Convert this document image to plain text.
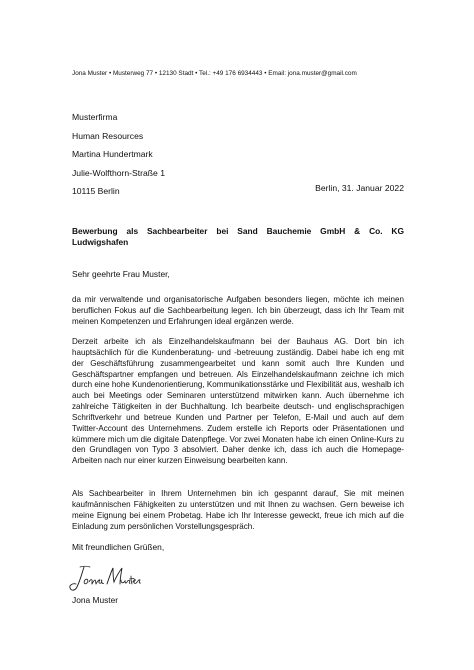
Jona Muster • Musterweg 77 • 12130 Stadt • Tel.: +49 176 6934443 • Email: jona.muster@gmail.com
Musterfirma
Human Resources
Martina Hundertmark
Julie-Wolfthorn-Straße 1
10115 Berlin	Berlin, 31. Januar 2022
Bewerbung als Sachbearbeiter bei Sand Bauchemie GmbH & Co. KG Ludwigshafen
Sehr geehrte Frau Muster,
da mir verwaltende und organisatorische Aufgaben besonders liegen, möchte ich meinen beruflichen Fokus auf die Sachbearbeitung legen. Ich bin überzeugt, dass ich Ihr Team mit meinen Kompetenzen und Erfahrungen ideal ergänzen werde.
Derzeit arbeite ich als Einzelhandelskaufmann bei der Bauhaus AG. Dort bin ich hauptsächlich für die Kundenberatung- und -betreuung zuständig. Dabei habe ich eng mit der Geschäftsführung zusammengearbeitet und kann somit auch Ihre Kunden und Geschäftspartner empfangen und betreuen. Als Einzelhandelskaufmann zeichne ich mich durch eine hohe Kundenorientierung, Kommunikationsstärke und Flexibilität aus, weshalb ich auch bei Meetings oder Seminaren unterstützend mitwirken kann. Auch übernehme ich zahlreiche Tätigkeiten in der Buchhaltung. Ich bearbeite deutsch- und englischsprachigen Schriftverkehr und betreue Kunden und Partner per Telefon, E-Mail und auch auf dem Twitter-Account des Unternehmens. Zudem erstelle ich Reports oder Präsentationen und kümmere mich um die digitale Datenpflege. Vor zwei Monaten habe ich einen Online-Kurs zu den Grundlagen von Typo 3 absolviert. Daher denke ich, dass ich auch die Homepage-Arbeiten nach nur einer kurzen Einweisung bearbeiten kann.
Als Sachbearbeiter in Ihrem Unternehmen bin ich gespannt darauf, Sie mit meinen kaufmännischen Fähigkeiten zu unterstützen und mit Ihnen zu wachsen. Gern beweise ich meine Eignung bei einem Probetag. Habe ich Ihr Interesse geweckt, freue ich mich auf die Einladung zum persönlichen Vorstellungsgespräch.
Mit freundlichen Grüßen,
Jona Muster
